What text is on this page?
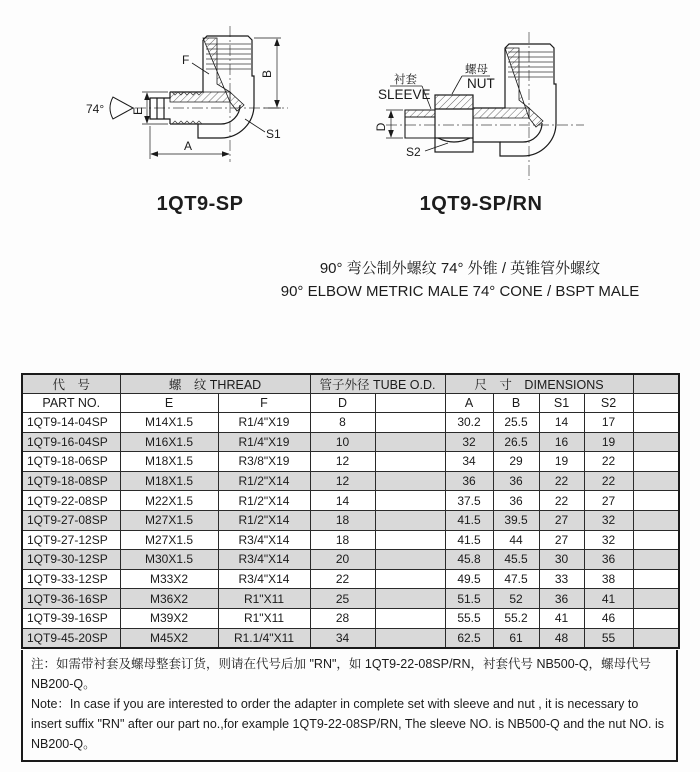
74° E
B
A
F
S1	D
衬套
SLEEVE
螺母
NUT
S2
1QT9-SP	1QT9-SP/RN
90° 弯公制外螺纹 74° 外锥 / 英锥管外螺纹
90° ELBOW METRIC MALE 74° CONE / BSPT MALE
代　号	螺　纹 THREAD		管子外径 TUBE O.D.		尺　寸　DIMENSIONS				
PART NO.	E	F	D		A	B	S1	S2	
1QT9-14-04SP	M14X1.5	R1/4"X19	8		30.2	25.5	14	17	
1QT9-16-04SP	M16X1.5	R1/4"X19	10		32	26.5	16	19	
1QT9-18-06SP	M18X1.5	R3/8"X19	12		34	29	19	22	
1QT9-18-08SP	M18X1.5	R1/2"X14	12		36	36	22	22	
1QT9-22-08SP	M22X1.5	R1/2"X14	14		37.5	36	22	27	
1QT9-27-08SP	M27X1.5	R1/2"X14	18		41.5	39.5	27	32	
1QT9-27-12SP	M27X1.5	R3/4"X14	18		41.5	44	27	32	
1QT9-30-12SP	M30X1.5	R3/4"X14	20		45.8	45.5	30	36	
1QT9-33-12SP	M33X2	R3/4"X14	22		49.5	47.5	33	38	
1QT9-36-16SP	M36X2	R1"X11	25		51.5	52	36	41	
1QT9-39-16SP	M39X2	R1"X11	28		55.5	55.2	41	46	
1QT9-45-20SP	M45X2	R1.1/4"X11	34		62.5	61	48	55	

注：如需带衬套及螺母整套订货，则请在代号后加 "RN"，如 1QT9-22-08SP/RN，衬套代号 NB500-Q，螺母代号 NB200-Q。

Note：In case if you are interested to order the adapter in complete set with sleeve and nut , it is necessary to insert suffix "RN" after our part no.,for example 1QT9-22-08SP/RN, The sleeve NO. is NB500-Q and the nut NO. is NB200-Q。
